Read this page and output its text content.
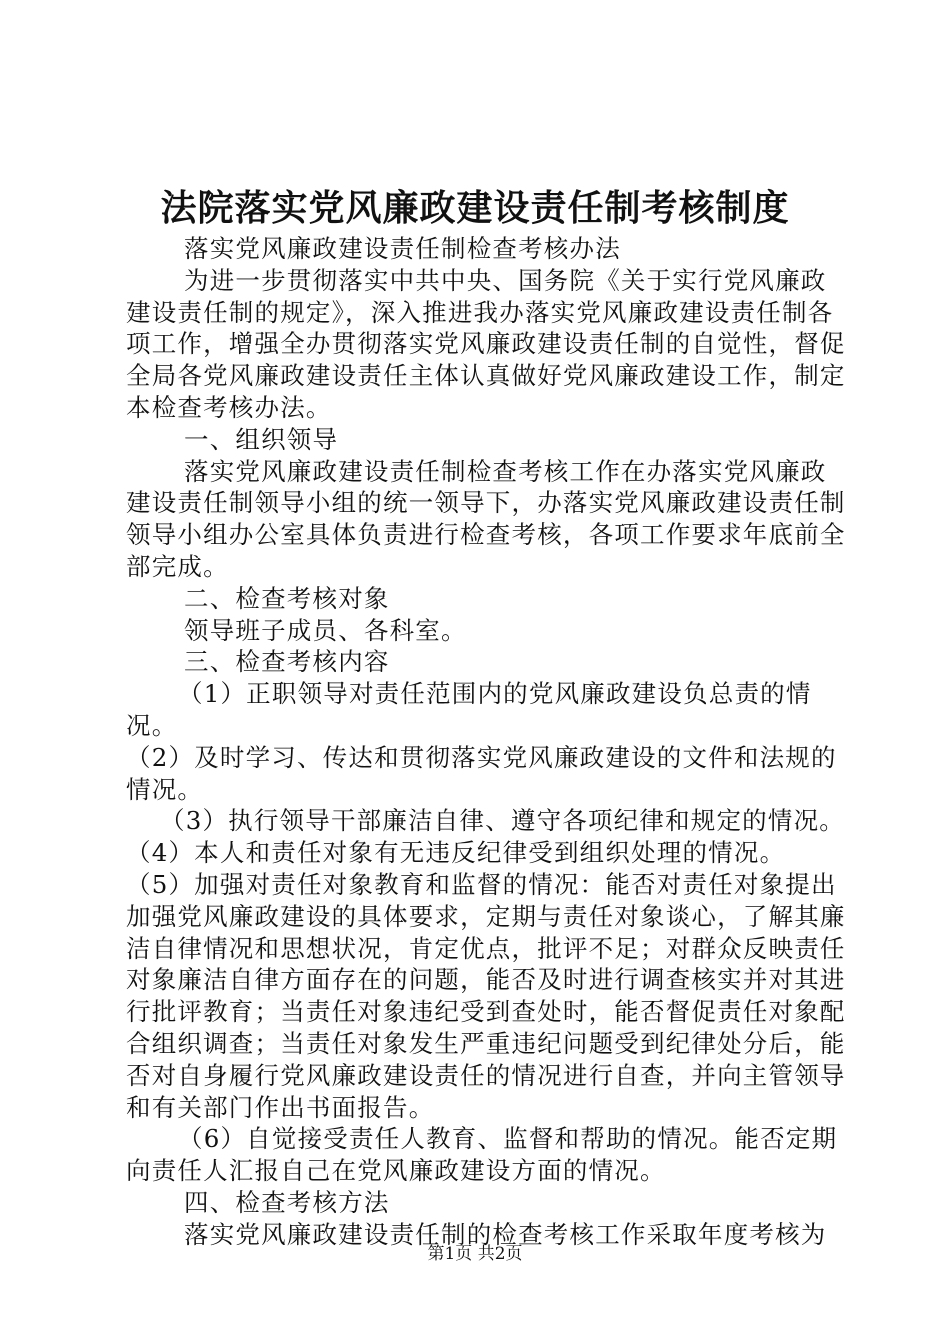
法院落实党风廉政建设责任制考核制度

落实党风廉政建设责任制检查考核办法

为进一步贯彻落实中共中央、国务院《关于实行党风廉政建设责任制的规定》，深入推进我办落实党风廉政建设责任制各项工作，增强全办贯彻落实党风廉政建设责任制的自觉性，督促全局各党风廉政建设责任主体认真做好党风廉政建设工作，制定本检查考核办法。

一、组织领导

落实党风廉政建设责任制检查考核工作在办落实党风廉政建设责任制领导小组的统一领导下，办落实党风廉政建设责任制领导小组办公室具体负责进行检查考核，各项工作要求年底前全部完成。

二、检查考核对象

领导班子成员、各科室。

三、检查考核内容

（1）正职领导对责任范围内的党风廉政建设负总责的情况。

（2）及时学习、传达和贯彻落实党风廉政建设的文件和法规的情况。

（3）执行领导干部廉洁自律、遵守各项纪律和规定的情况。

（4）本人和责任对象有无违反纪律受到组织处理的情况。

（5）加强对责任对象教育和监督的情况：能否对责任对象提出加强党风廉政建设的具体要求，定期与责任对象谈心，了解其廉洁自律情况和思想状况，肯定优点，批评不足；对群众反映责任对象廉洁自律方面存在的问题，能否及时进行调查核实并对其进行批评教育；当责任对象违纪受到查处时，能否督促责任对象配合组织调查；当责任对象发生严重违纪问题受到纪律处分后，能否对自身履行党风廉政建设责任的情况进行自查，并向主管领导和有关部门作出书面报告。

（6）自觉接受责任人教育、监督和帮助的情况。能否定期向责任人汇报自己在党风廉政建设方面的情况。

四、检查考核方法

落实党风廉政建设责任制的检查考核工作采取年度考核为

第1页 共2页
